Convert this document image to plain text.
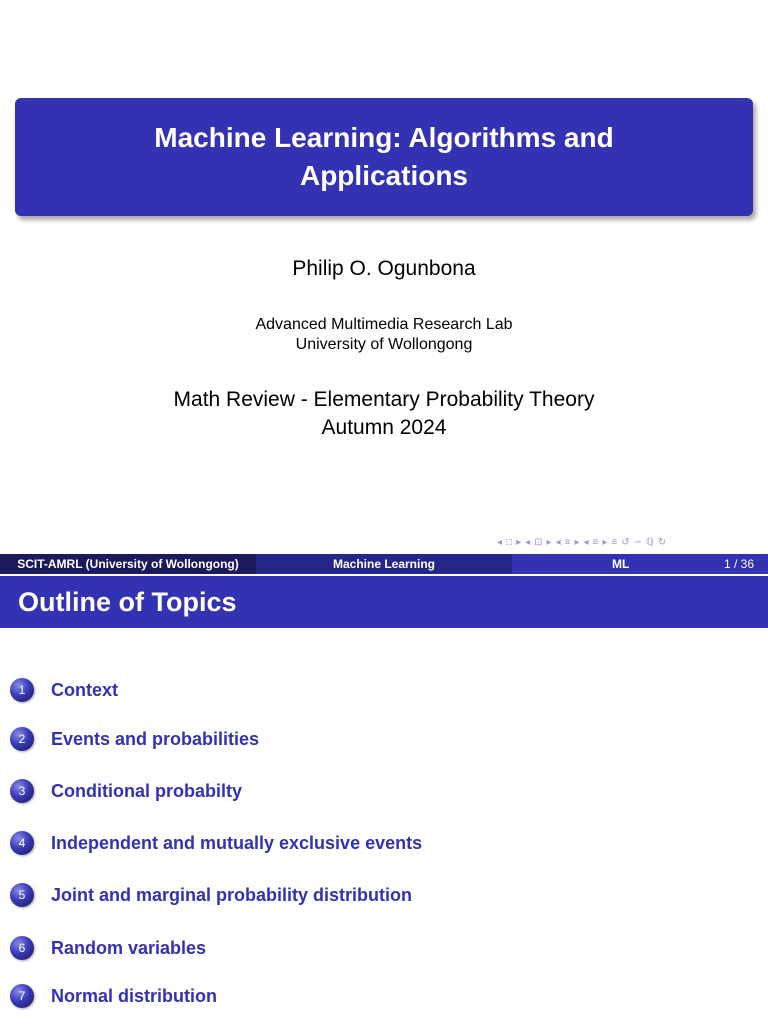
Machine Learning: Algorithms and Applications
Philip O. Ogunbona
Advanced Multimedia Research Lab
University of Wollongong
Math Review - Elementary Probability Theory
Autumn 2024
◂ □ ▸ ◂ ⊡ ▸ ◂ ≡ ▸ ◂ ≡ ▸ ≡ ↺ ∽ ℚ ↻
SCIT-AMRL (University of Wollongong)	Machine Learning	ML	1 / 36
Outline of Topics
1	Context
2	Events and probabilities
3	Conditional probabilty
4	Independent and mutually exclusive events
5	Joint and marginal probability distribution
6	Random variables
7	Normal distribution
